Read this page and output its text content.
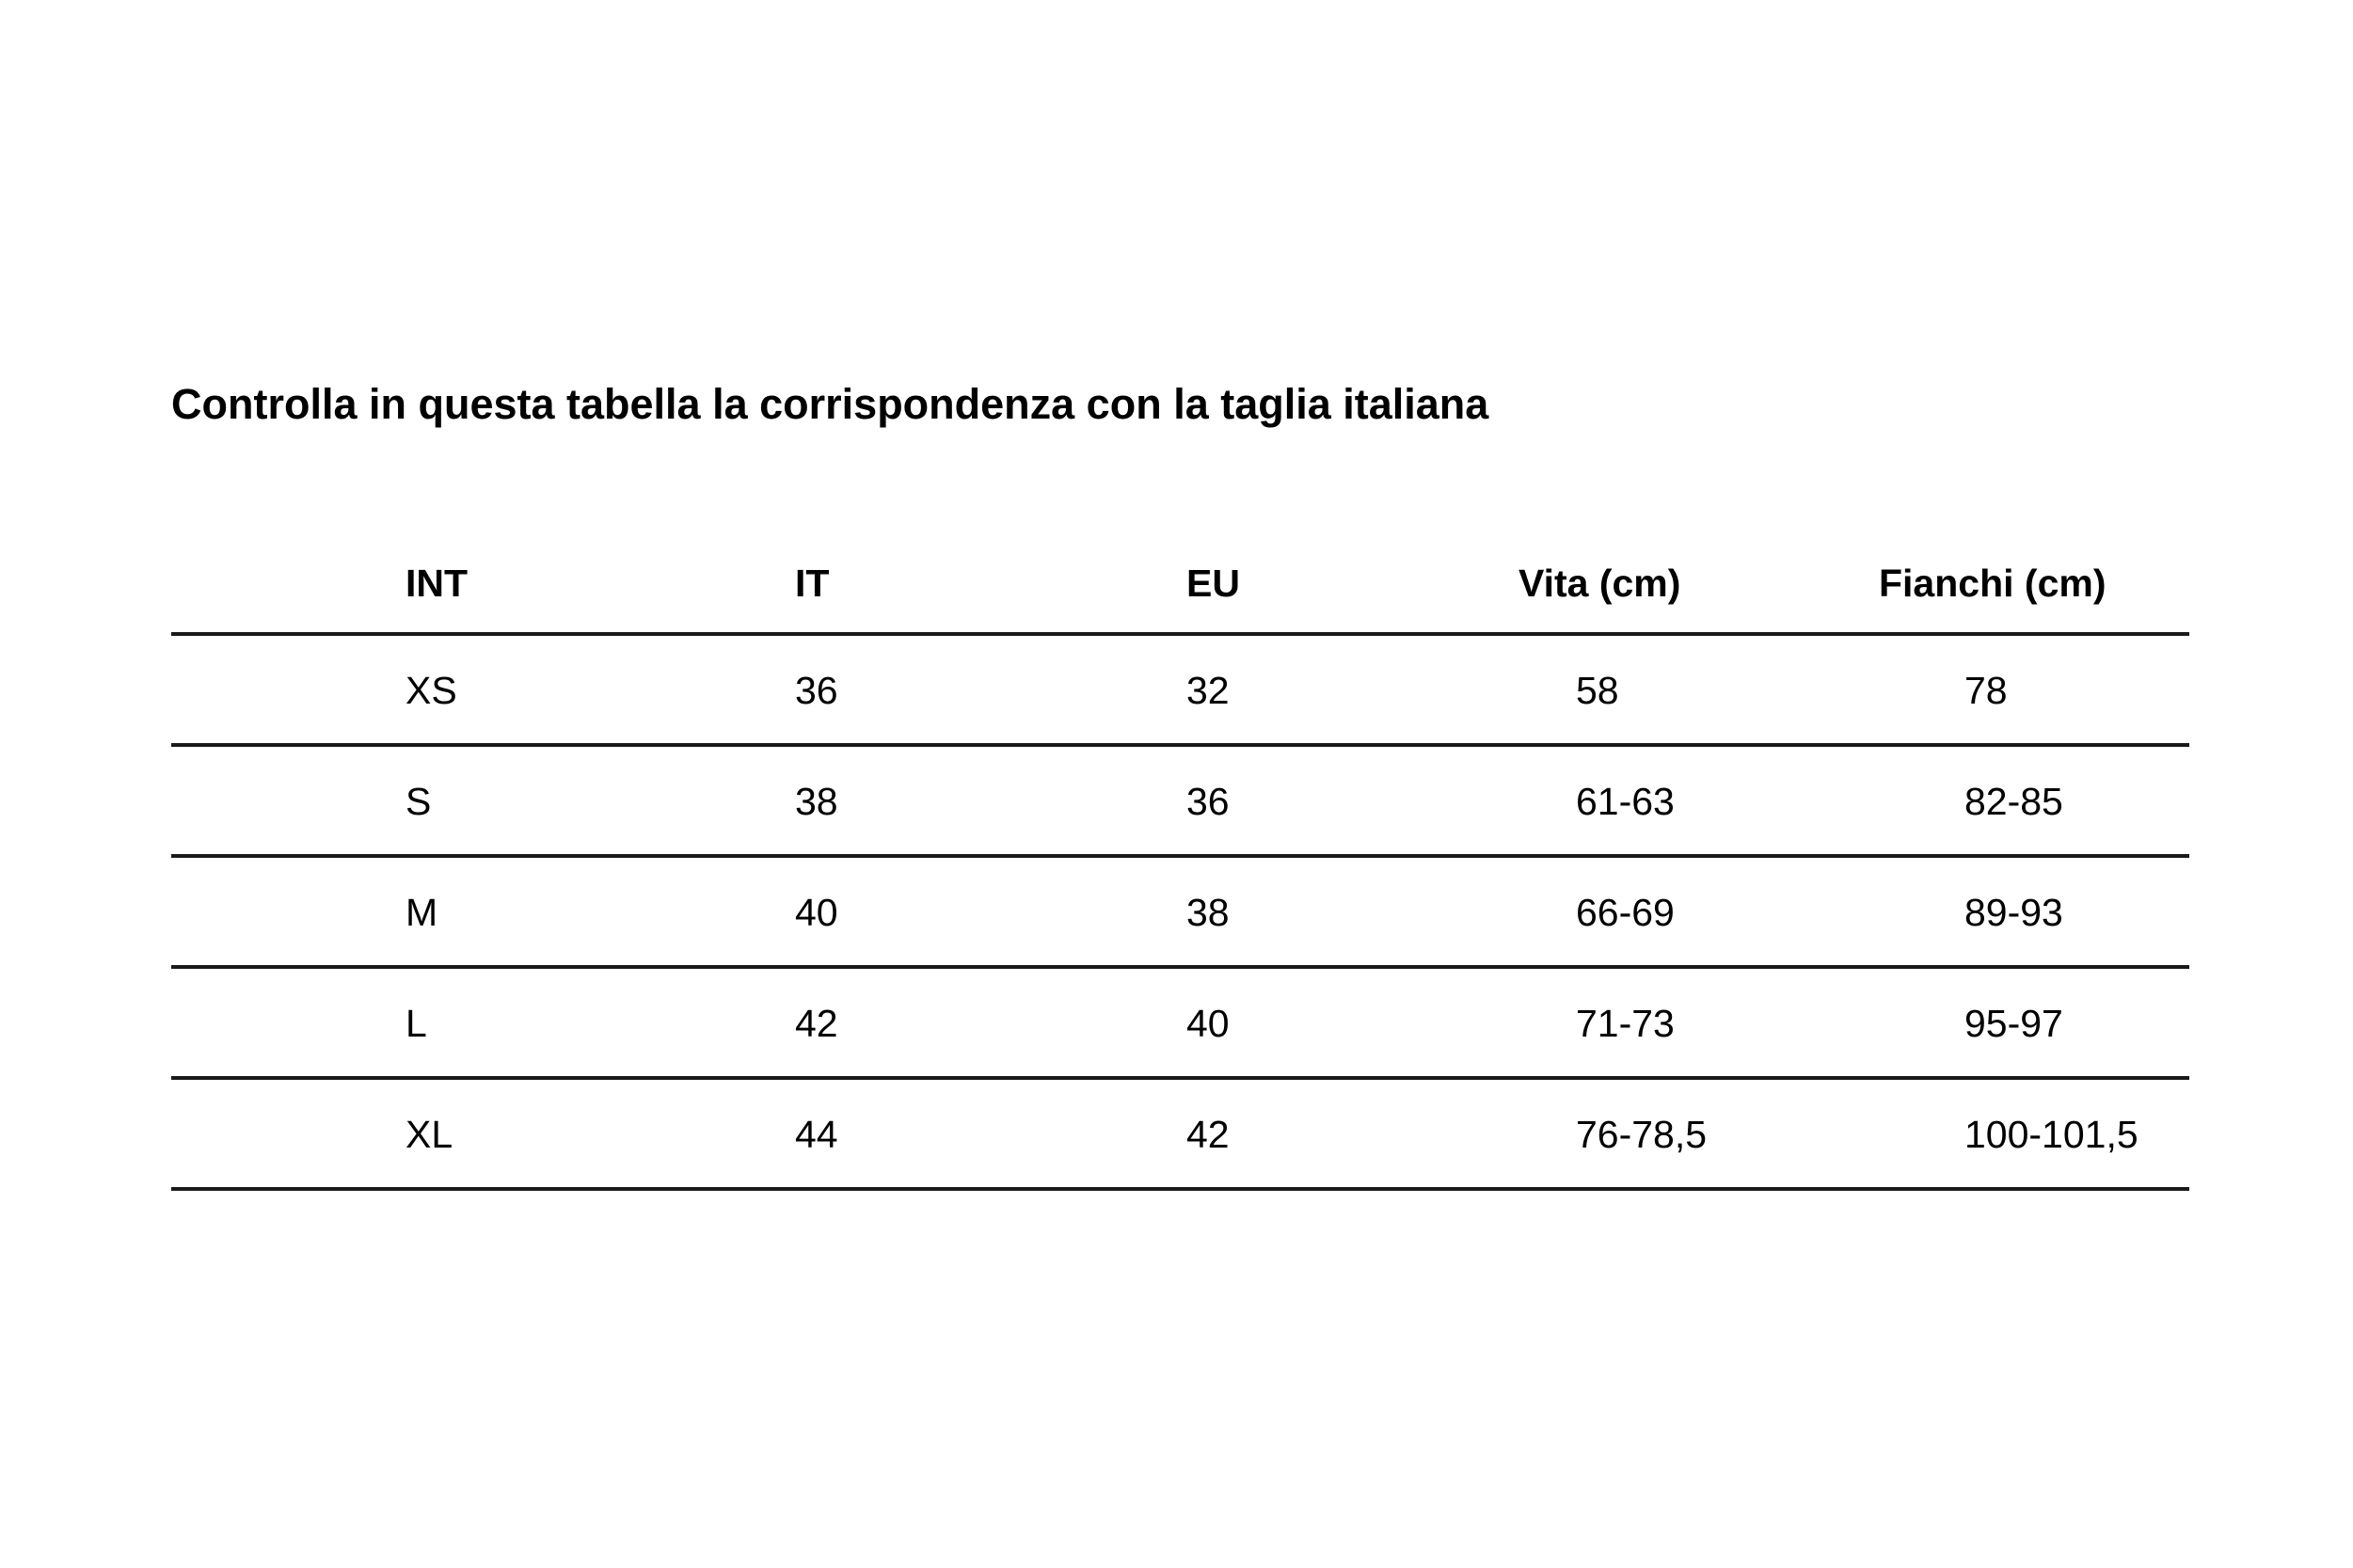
Controlla in questa tabella la corrispondenza con la taglia italiana
INT	IT	EU	Vita (cm)	Fianchi (cm)
XS	36	32	58	78
S	38	36	61-63	82-85
M	40	38	66-69	89-93
L	42	40	71-73	95-97
XL	44	42	76-78,5	100-101,5
